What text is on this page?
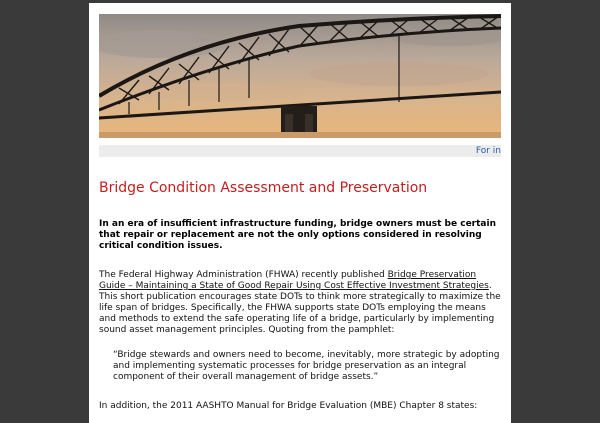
For in
Bridge Condition Assessment and Preservation

In an era of insufficient infrastructure funding, bridge owners must be certain that repair or replacement are not the only options considered in resolving critical condition issues.

The Federal Highway Administration (FHWA) recently published Bridge Preservation Guide – Maintaining a State of Good Repair Using Cost Effective Investment Strategies. This short publication encourages state DOTs to think more strategically to maximize the life span of bridges. Specifically, the FHWA supports state DOTs employing the means and methods to extend the safe operating life of a bridge, particularly by implementing sound asset management principles. Quoting from the pamphlet:

“Bridge stewards and owners need to become, inevitably, more strategic by adopting and implementing systematic processes for bridge preservation as an integral component of their overall management of bridge assets.”

In addition, the 2011 AASHTO Manual for Bridge Evaluation (MBE) Chapter 8 states:
